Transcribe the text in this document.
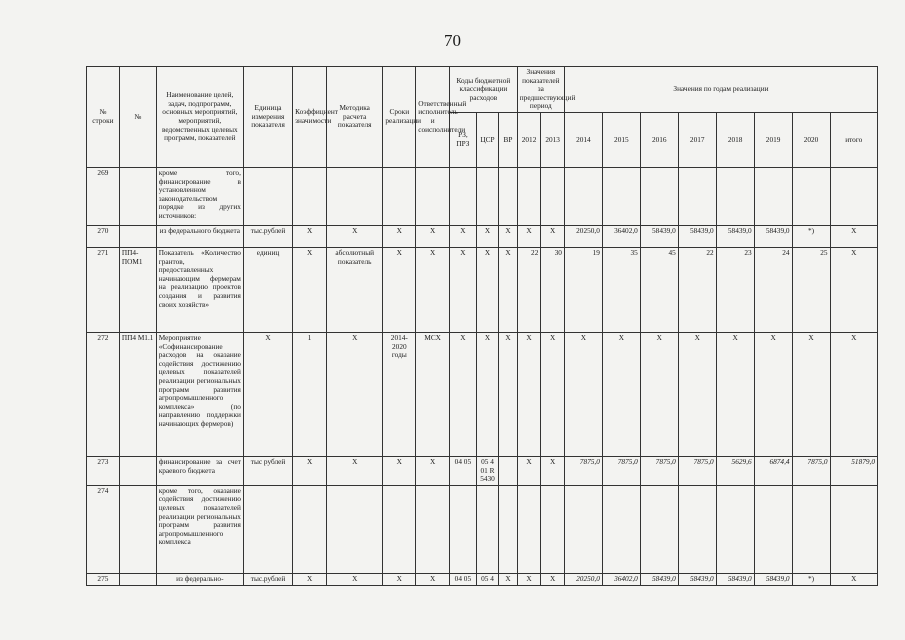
70
№ строки	№	Наименование целей, задач, подпрограмм, основных мероприятий, мероприятий, ведомственных целевых программ, показателей	Единица измерения показателя	Коэффициент значимости	Методика расчета показателя	Сроки реализации	Ответственный исполнитель и соисполнители	Коды бюджетной классификации расходов			Значения показателей за предшествующий период		Значения по годам реализации							
								РЗ, ПРЗ	ЦСР	ВР	2012	2013	2014	2015	2016	2017	2018	2019	2020	итого
269		кроме того, финансирование в установленном законодательством порядке из других источников:																		
270		из федерального бюджета	тыс.рублей	Х	Х	Х	Х	Х	Х	Х	Х	Х	20250,0	36402,0	58439,0	58439,0	58439,0	58439,0	*)	Х
271	ПП4-ПОМ1	Показатель «Количество грантов, предоставленных начинающим фермерам на реализацию проектов создания и развития своих хозяйств»	единиц	Х	абсолютный показатель	Х	Х	Х	Х	Х	22	30	19	35	45	22	23	24	25	Х
272	ПП4 М1.1	Мероприятие «Софинансирование расходов на оказание содействия достижению целевых показателей реализации региональных программ развития агропромышленного комплекса» (по направлению поддержки начинающих фермеров)	Х	1	Х	2014-2020 годы	МСХ	Х	Х	Х	Х	Х	Х	Х	Х	Х	Х	Х	Х	Х
273		финансирование за счет краевого бюджета	тыс рублей	Х	Х	Х	Х	04 05	05 4 01 R 5430		Х	Х	7875,0	7875,0	7875,0	7875,0	5629,6	6874,4	7875,0	51879,0
274		кроме того, оказание содействия достижению целевых показателей реализации региональных программ развития агропромышленного комплекса																		
275		из федерально-	тыс.рублей	Х	Х	Х	Х	04 05	05 4	Х	Х	Х	20250,0	36402,0	58439,0	58439,0	58439,0	58439,0	*)	Х
